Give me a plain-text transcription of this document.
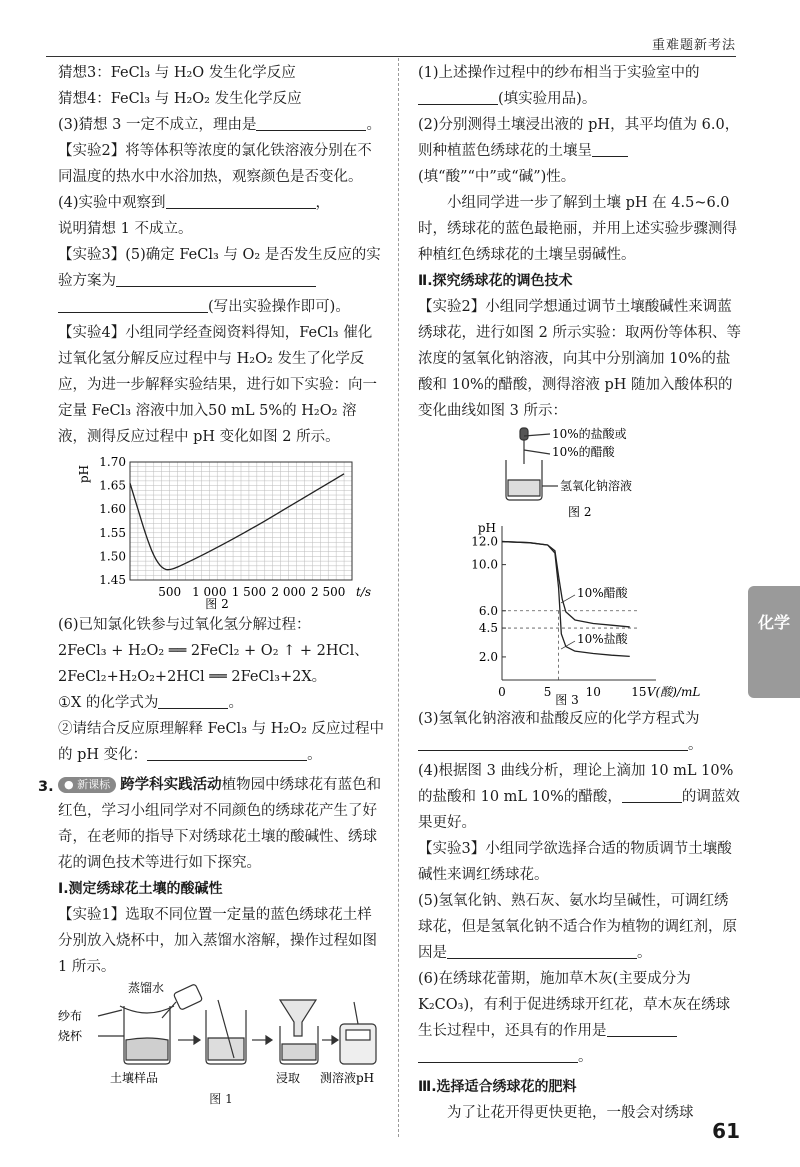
重难题新考法

猜想3：FeCl₃ 与 H₂O 发生化学反应

猜想4：FeCl₃ 与 H₂O₂ 发生化学反应

(3)猜想 3 一定不成立，理由是	。

【实验2】将等体积等浓度的氯化铁溶液分别在不同温度的热水中水浴加热，观察颜色是否变化。

(4)实验中观察到	，

说明猜想 1 不成立。

【实验3】(5)确定 FeCl₃ 与 O₂ 是否发生反应的实验方案为
(写出实验操作即可)。

【实验4】小组同学经查阅资料得知，FeCl₃ 催化过氧化氢分解反应过程中与 H₂O₂ 发生了化学反应，为进一步解释实验结果，进行如下实验：向一定量 FeCl₃ 溶液中加入50 mL 5%的 H₂O₂ 溶液，测得反应过程中 pH 变化如图 2 所示。

1.45
1.50
1.55
1.60
1.65
1.70
500 1 000 1 500 2 000 2 500
pH
t/s
图 2

(6)已知氯化铁参与过氧化氢分解过程：

2FeCl₃ + H₂O₂ ══ 2FeCl₂ + O₂ ↑ + 2HCl、

2FeCl₂+H₂O₂+2HCl ══ 2FeCl₃+2X。

①X 的化学式为	。

②请结合反应原理解释 FeCl₃ 与 H₂O₂ 反应过程中的 pH 变化：	。

● 新课标 跨学科实践活动植物园中绣球花有蓝色和红色，学习小组同学对不同颜色的绣球花产生了好奇，在老师的指导下对绣球花土壤的酸碱性、绣球花的调色技术等进行如下探究。

Ⅰ.测定绣球花土壤的酸碱性

【实验1】选取不同位置一定量的蓝色绣球花土样分别放入烧杯中，加入蒸馏水溶解，操作过程如图 1 所示。

蒸馏水
纱布
烧杯
土壤样品	浸取 测溶液pH

图 1

3.

(1)上述操作过程中的纱布相当于实验室中的(填实验用品)。

(2)分别测得土壤浸出液的 pH，其平均值为 6.0，则种植蓝色绣球花的土壤呈(填“酸”“中”或“碱”)性。

小组同学进一步了解到土壤 pH 在 4.5~6.0 时，绣球花的蓝色最艳丽，并用上述实验步骤测得种植红色绣球花的土壤呈弱碱性。

Ⅱ.探究绣球花的调色技术

【实验2】小组同学想通过调节土壤酸碱性来调蓝绣球花，进行如图 2 所示实验：取两份等体积、等浓度的氢氧化钠溶液，向其中分别滴加 10%的盐酸和 10%的醋酸，测得溶液 pH 随加入酸体积的变化曲线如图 3 所示：

10%的盐酸或
10%的醋酸
氢氧化钠溶液
图 2
2.0
4.5
6.0
10.0
12.0
0	5	10	15
pH
V(酸)/mL
图 3
10%醋酸
10%盐酸

(3)氢氧化钠溶液和盐酸反应的化学方程式为。

(4)根据图 3 曲线分析，理论上滴加 10 mL 10%的盐酸和 10 mL 10%的醋酸，	的调蓝效果更好。

【实验3】小组同学欲选择合适的物质调节土壤酸碱性来调红绣球花。

(5)氢氧化钠、熟石灰、氨水均呈碱性，可调红绣球花，但是氢氧化钠不适合作为植物的调红剂，原因是	。

(6)在绣球花蕾期，施加草木灰(主要成分为 K₂CO₃)，有利于促进绣球开红花，草木灰在绣球生长过程中，还具有的作用是
。

Ⅲ.选择适合绣球花的肥料

为了让花开得更快更艳，一般会对绣球

化学
61
